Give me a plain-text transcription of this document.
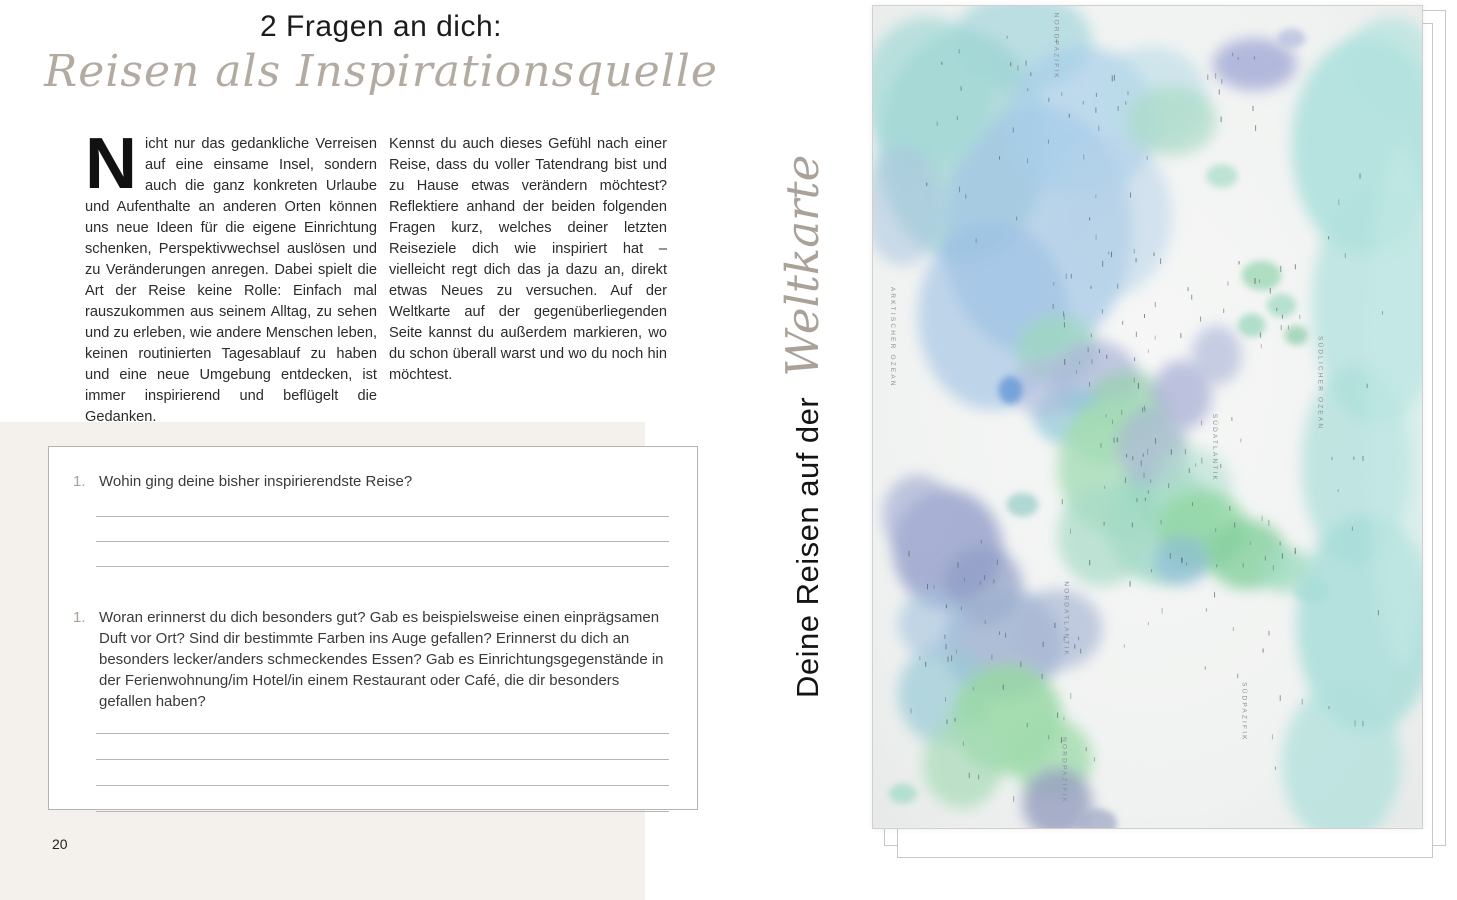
2 Fragen an dich:
Reisen als Inspirationsquelle

Nicht nur das gedankliche Verreisen auf eine einsame Insel, sondern auch die ganz konkreten Urlaube und Aufenthalte an anderen Orten können uns neue Ideen für die eigene Einrichtung schenken, Perspektivwechsel auslösen und zu Veränderungen anregen. Dabei spielt die Art der Reise keine Rolle: Einfach mal rauszukommen aus seinem Alltag, zu sehen und zu erleben, wie andere Menschen leben, keinen routinierten Tagesablauf zu haben und eine neue Umgebung entdecken, ist immer inspirierend und beflügelt die Gedanken.

Kennst du auch dieses Gefühl nach einer Reise, dass du voller Tatendrang bist und zu Hause etwas verändern möchtest? Reflektiere anhand der beiden folgenden Fragen kurz, welches deiner letzten Reiseziele dich wie inspiriert hat – vielleicht regt dich das ja dazu an, direkt etwas Neues zu versuchen. Auf der Weltkarte auf der gegenüberliegenden Seite kannst du außerdem markieren, wo du schon überall warst und wo du noch hin möchtest.

1. Wohin ging deine bisher inspirierendste Reise?
1. Woran erinnerst du dich besonders gut? Gab es beispielsweise einen einprägsamen Duft vor Ort? Sind dir bestimmte Farben ins Auge gefallen? Erinnerst du dich an besonders lecker/anders schmeckendes Essen? Gab es Einrichtungsgegenstände in der Ferienwohnung/im Hotel/in einem Restaurant oder Café, die dir besonders gefallen haben?
20
Deine Reisen auf der
Weltkarte
NORDPAZIFIK
ARKTISCHER OZEAN
NORDATLANTIK
SÜDATLANTIK
SÜDLICHER OZEAN
SÜDPAZIFIK
NORDPAZIFIK
